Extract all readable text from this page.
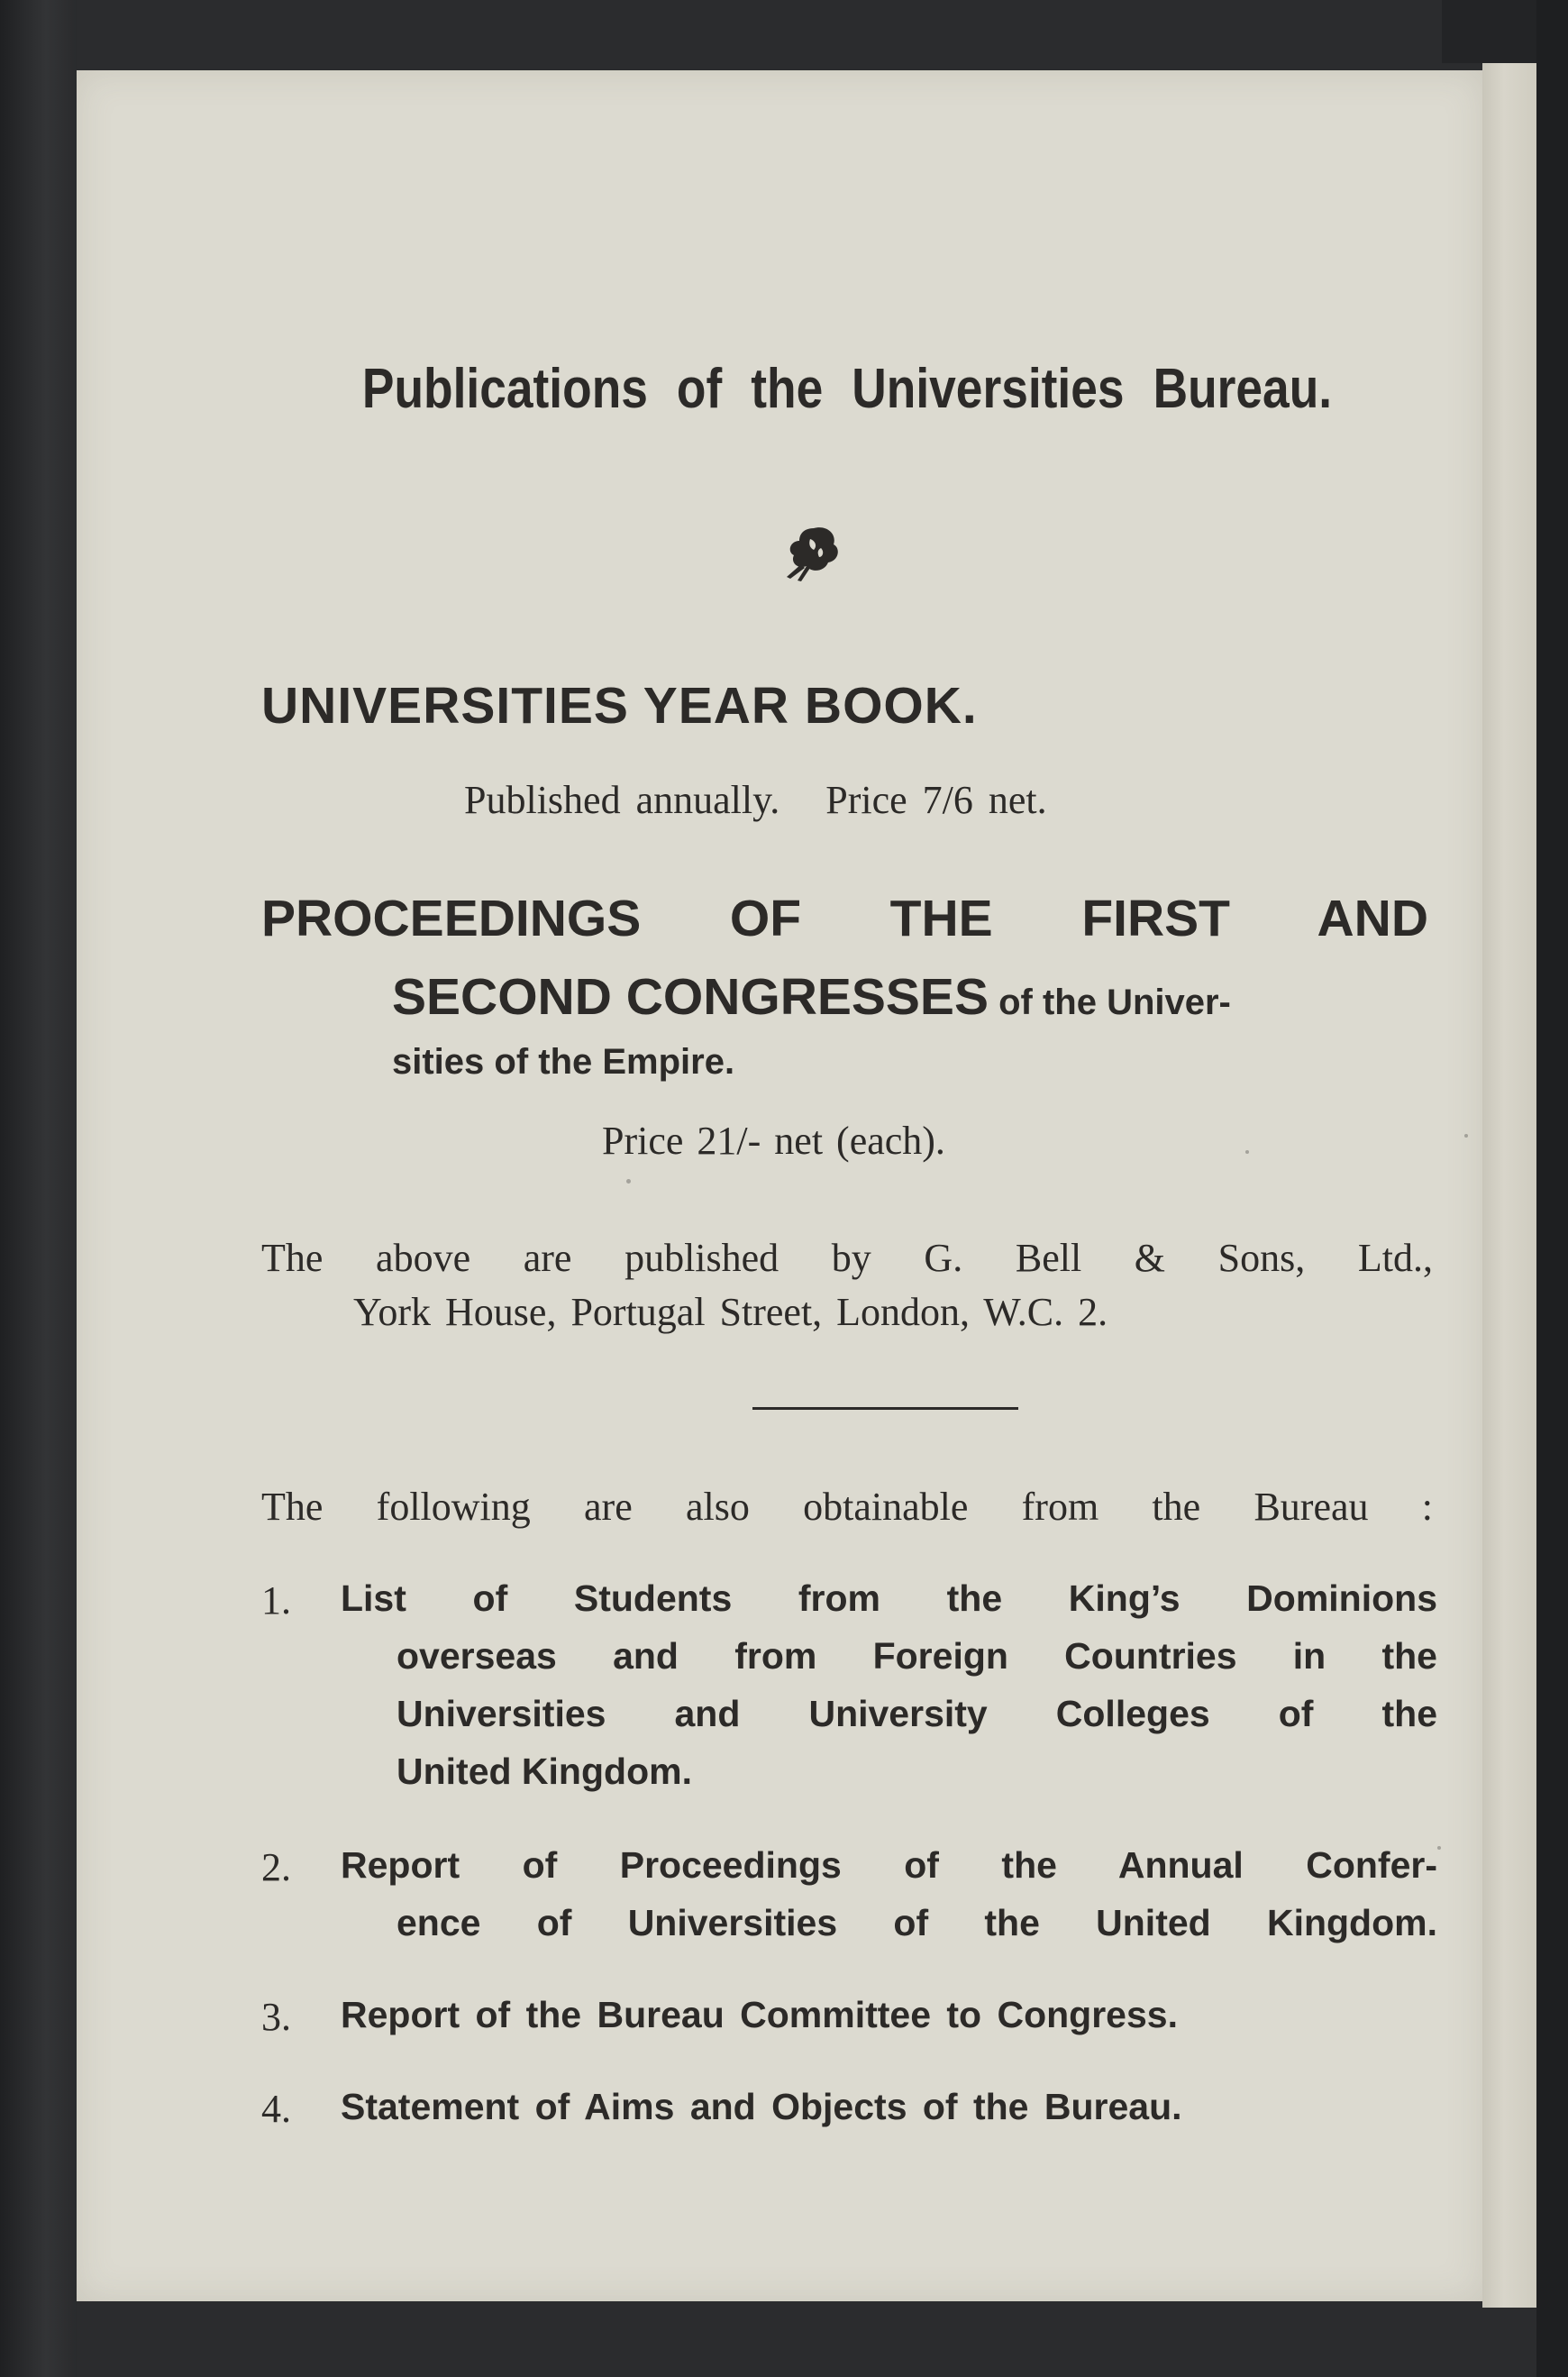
Publications of the Universities Bureau.
UNIVERSITIES YEAR BOOK.
Published annually.   Price 7/6 net.
PROCEEDINGS OF THE FIRST AND
SECOND CONGRESSES of the Univer-
sities of the Empire.
Price 21/- net (each).
The above are published by G. Bell & Sons, Ltd.,
York House, Portugal Street, London, W.C. 2.
The following are also obtainable from the Bureau :
1. List of Students from the King’s Dominions
overseas and from Foreign Countries in the
Universities and University Colleges of the
United Kingdom.
2. Report of Proceedings of the Annual Confer-
ence of Universities of the United Kingdom.
3. Report of the Bureau Committee to Congress.
4. Statement of Aims and Objects of the Bureau.
